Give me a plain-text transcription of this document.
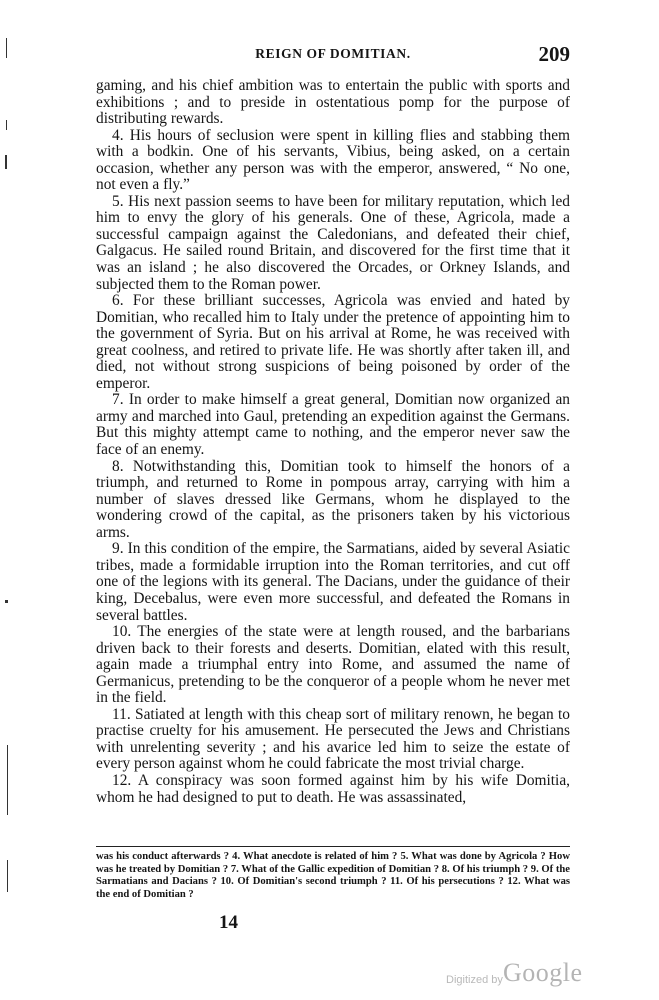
REIGN OF DOMITIAN.	209

gaming, and his chief ambition was to entertain the public with sports and exhibitions ; and to preside in ostentatious pomp for the purpose of distributing rewards.

4. His hours of seclusion were spent in killing flies and stabbing them with a bodkin. One of his servants, Vibius, being asked, on a certain occasion, whether any person was with the emperor, answered, “ No one, not even a fly.”

5. His next passion seems to have been for military reputation, which led him to envy the glory of his generals. One of these, Agricola, made a successful campaign against the Caledonians, and defeated their chief, Galgacus. He sailed round Britain, and discovered for the first time that it was an island ; he also discovered the Orcades, or Orkney Islands, and subjected them to the Roman power.

6. For these brilliant successes, Agricola was envied and hated by Domitian, who recalled him to Italy under the pretence of appointing him to the government of Syria. But on his arrival at Rome, he was received with great coolness, and retired to private life. He was shortly after taken ill, and died, not without strong suspicions of being poisoned by order of the emperor.

7. In order to make himself a great general, Domitian now organized an army and marched into Gaul, pretending an expedition against the Germans. But this mighty attempt came to nothing, and the emperor never saw the face of an enemy.

8. Notwithstanding this, Domitian took to himself the honors of a triumph, and returned to Rome in pompous array, carrying with him a number of slaves dressed like Germans, whom he displayed to the wondering crowd of the capital, as the prisoners taken by his victorious arms.

9. In this condition of the empire, the Sarmatians, aided by several Asiatic tribes, made a formidable irruption into the Roman territories, and cut off one of the legions with its general. The Dacians, under the guidance of their king, Decebalus, were even more successful, and defeated the Romans in several battles.

10. The energies of the state were at length roused, and the barbarians driven back to their forests and deserts. Domitian, elated with this result, again made a triumphal entry into Rome, and assumed the name of Germanicus, pretending to be the conqueror of a people whom he never met in the field.

11. Satiated at length with this cheap sort of military renown, he began to practise cruelty for his amusement. He persecuted the Jews and Christians with unrelenting severity ; and his avarice led him to seize the estate of every person against whom he could fabricate the most trivial charge.

12. A conspiracy was soon formed against him by his wife Domitia, whom he had designed to put to death. He was assassinated,

was his conduct afterwards ? 4. What anecdote is related of him ? 5. What was done by Agricola ? How was he treated by Domitian ? 7. What of the Gallic expedition of Domitian ? 8. Of his triumph ? 9. Of the Sarmatians and Dacians ? 10. Of Domitian's second triumph ? 11. Of his persecutions ? 12. What was the end of Domitian ?
14
Digitized by Google
